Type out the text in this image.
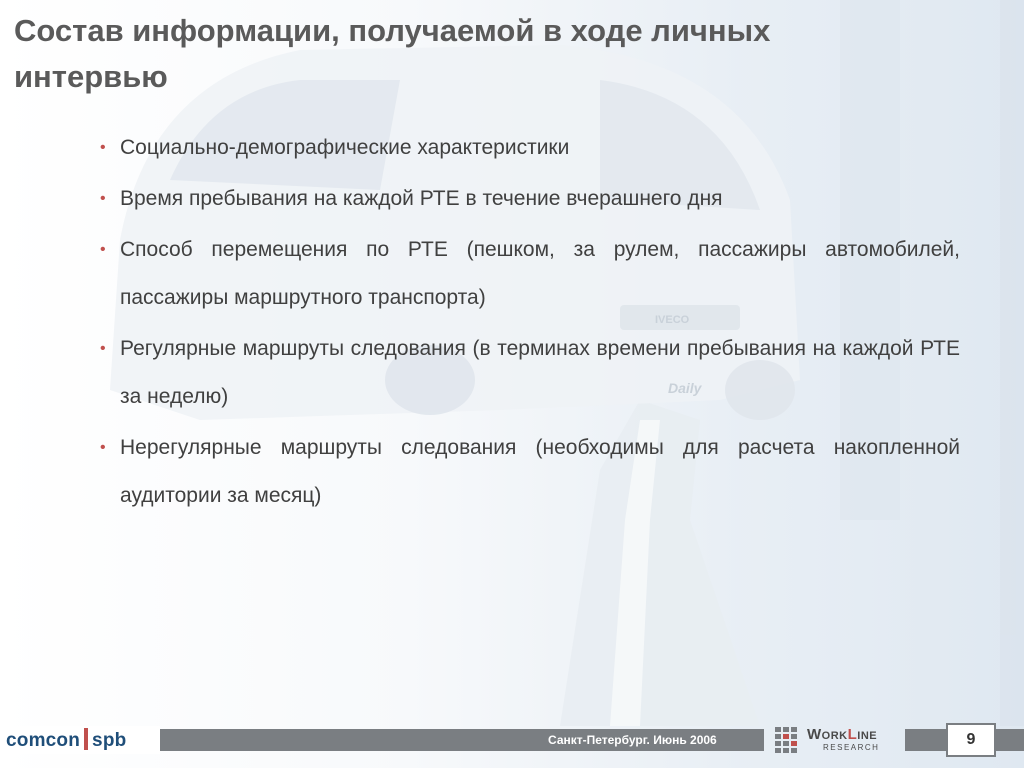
IVECO
Daily
Состав информации, получаемой в ходе личных интервью
• Социально-демографические характеристики
• Время пребывания на каждой РТЕ в течение вчерашнего дня
• Способ перемещения по РТЕ (пешком, за рулем, пассажиры автомобилей, пассажиры маршрутного транспорта)
• Регулярные маршруты следования (в терминах времени пребывания на каждой РТЕ за неделю)
• Нерегулярные маршруты следования (необходимы для расчета накопленной аудитории за месяц)
comcon spb	Санкт-Петербург. Июнь 2006	WORKLINE
RESEARCH	9
